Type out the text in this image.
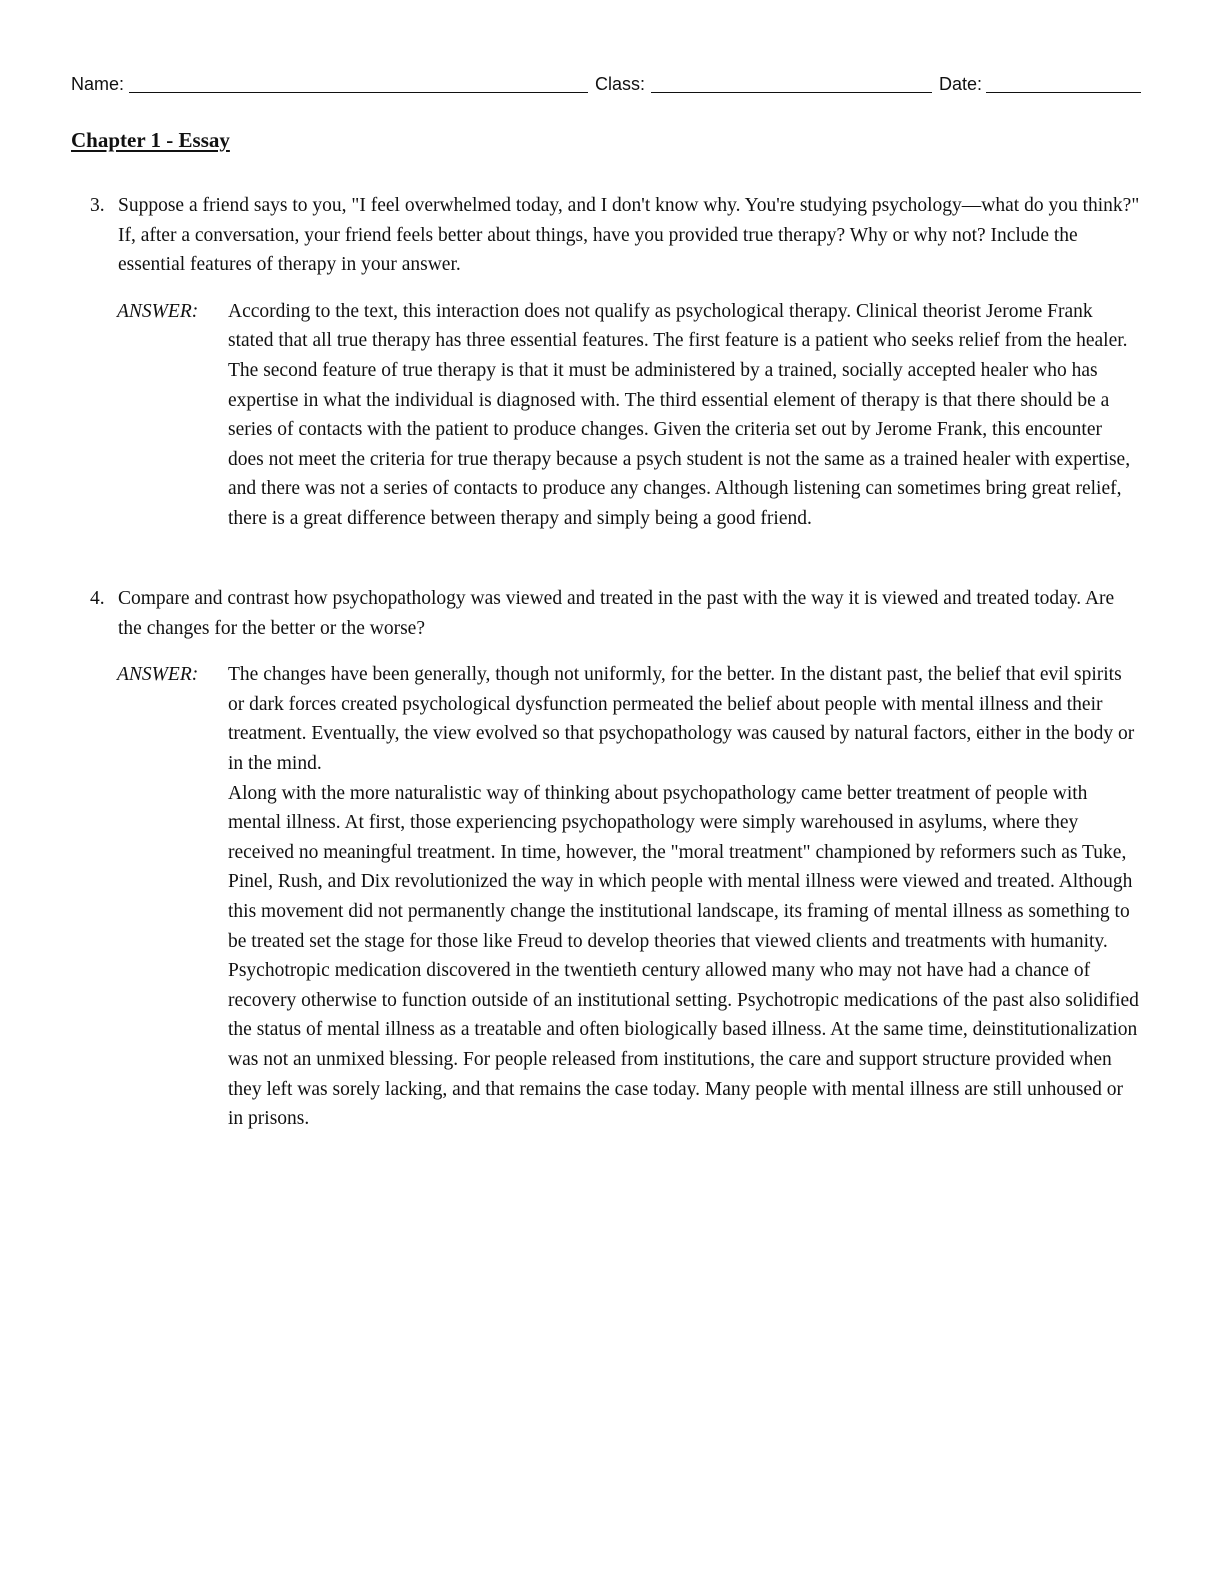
Name:	Class:	Date:
Chapter 1 - Essay
3. Suppose a friend says to you, "I feel overwhelmed today, and I don't know why. You're studying psychology—what do you think?" If, after a conversation, your friend feels better about things, have you provided true therapy? Why or why not? Include the essential features of therapy in your answer.
ANSWER: According to the text, this interaction does not qualify as psychological therapy. Clinical theorist Jerome Frank stated that all true therapy has three essential features. The first feature is a patient who seeks relief from the healer. The second feature of true therapy is that it must be administered by a trained, socially accepted healer who has expertise in what the individual is diagnosed with. The third essential element of therapy is that there should be a series of contacts with the patient to produce changes. Given the criteria set out by Jerome Frank, this encounter does not meet the criteria for true therapy because a psych student is not the same as a trained healer with expertise, and there was not a series of contacts to produce any changes. Although listening can sometimes bring great relief, there is a great difference between therapy and simply being a good friend.

4. Compare and contrast how psychopathology was viewed and treated in the past with the way it is viewed and treated today. Are the changes for the better or the worse?
ANSWER: The changes have been generally, though not uniformly, for the better. In the distant past, the belief that evil spirits or dark forces created psychological dysfunction permeated the belief about people with mental illness and their treatment. Eventually, the view evolved so that psychopathology was caused by natural factors, either in the body or in the mind.

Along with the more naturalistic way of thinking about psychopathology came better treatment of people with mental illness. At first, those experiencing psychopathology were simply warehoused in asylums, where they received no meaningful treatment. In time, however, the "moral treatment" championed by reformers such as Tuke, Pinel, Rush, and Dix revolutionized the way in which people with mental illness were viewed and treated. Although this movement did not permanently change the institutional landscape, its framing of mental illness as something to be treated set the stage for those like Freud to develop theories that viewed clients and treatments with humanity.

Psychotropic medication discovered in the twentieth century allowed many who may not have had a chance of recovery otherwise to function outside of an institutional setting. Psychotropic medications of the past also solidified the status of mental illness as a treatable and often biologically based illness. At the same time, deinstitutionalization was not an unmixed blessing. For people released from institutions, the care and support structure provided when they left was sorely lacking, and that remains the case today. Many people with mental illness are still unhoused or in prisons.
